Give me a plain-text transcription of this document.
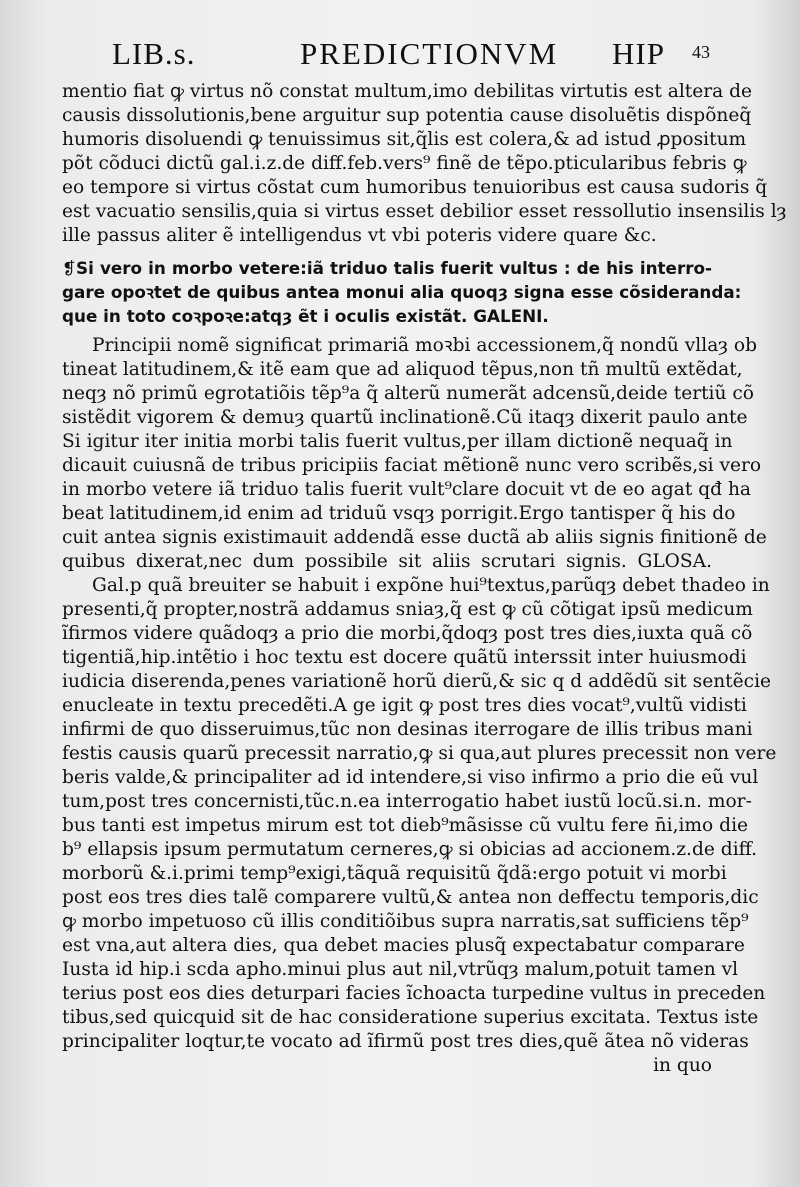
LIB.s.	PREDICTIONVM HIP 43
mentio fiat ꝙ virtus nõ constat multum,imo debilitas virtutis est altera de
causis dissolutionis,bene arguitur sup potentia cause disoluẽtis dispõneq̃
humoris disoluendi ꝙ tenuissimus sit,q̃lis est colera,& ad istud ꝓpositum
põt cõduci dictũ gal.i.z.de diff.feb.vers⁹ finẽ de tẽpo.pticularibus febris ꝙ
eo tempore si virtus cõstat cum humoribus tenuioribus est causa sudoris q̃
est vacuatio sensilis,quia si virtus esset debilior esset ressollutio insensilis lȝ
ille passus aliter ẽ intelligendus vt vbi poteris videre quare &c.
❡Si vero in morbo vetere:iã triduo talis fuerit vultus : de his interro-
gare opoꝛtet de quibus antea monui alia quoqȝ signa esse cõsideranda:
que in toto coꝛpoꝛe:atqȝ ẽt i oculis existãt. GALENI.
Principii nomẽ significat primariã moꝛbi accessionem,q̃ nondũ vllaȝ ob
tineat latitudinem,& itẽ eam que ad aliquod tẽpus,non tñ multũ extẽdat,
neqȝ nõ primũ egrotatiõis tẽp⁹a q̃ alterũ numerãt adcensũ,deide tertiũ cõ
sistẽdit vigorem & demuȝ quartũ inclinationẽ.Cũ itaqȝ dixerit paulo ante
Si igitur iter initia morbi talis fuerit vultus,per illam dictionẽ nequaq̃ in
dicauit cuiusnã de tribus pricipiis faciat mẽtionẽ nunc vero scribẽs,si vero
in morbo vetere iã triduo talis fuerit vult⁹clare docuit vt de eo agat qđ ha
beat latitudinem,id enim ad triduũ vsqȝ porrigit.Ergo tantisper q̃ his do
cuit antea signis existimauit addendã esse ductã ab aliis signis finitionẽ de
quibus dixerat,nec dum possibile sit aliis scrutari signis. GLOSA.
Gal.p quã breuiter se habuit i expõne hui⁹textus,parũqȝ debet thadeo in
presenti,q̃ propter,nostrã addamus sniaȝ,q̃ est ꝙ cũ cõtigat ipsũ medicum
ĩfirmos videre quãdoqȝ a prio die morbi,q̃doqȝ post tres dies,iuxta quã cõ
tigentiã,hip.intẽtio i hoc textu est docere quãtũ interssit inter huiusmodi
iudicia diserenda,penes variationẽ horũ dierũ,& sic q d addẽdũ sit sentẽcie
enucleate in textu precedẽti.A ge igit ꝙ post tres dies vocat⁹,vultũ vidisti
infirmi de quo disseruimus,tũc non desinas iterrogare de illis tribus mani
festis causis quarũ precessit narratio,ꝙ si qua,aut plures precessit non vere
beris valde,& principaliter ad id intendere,si viso infirmo a prio die eũ vul
tum,post tres concernisti,tũc.n.ea interrogatio habet iustũ locũ.si.n. mor-
bus tanti est impetus mirum est tot dieb⁹mãsisse cũ vultu fere n̄i,imo die
b⁹ ellapsis ipsum permutatum cerneres,ꝙ si obicias ad accionem.z.de diff.
morborũ &.i.primi temp⁹exigi,tãquã requisitũ q̃dã:ergo potuit vi morbi
post eos tres dies talẽ comparere vultũ,& antea non deffectu temporis,dic
ꝙ morbo impetuoso cũ illis conditiõibus supra narratis,sat sufficiens tẽp⁹
est vna,aut altera dies, qua debet macies plusq̃ expectabatur comparare
Iusta id hip.i scda apho.minui plus aut nil,vtrũqȝ malum,potuit tamen vl
terius post eos dies deturpari facies ĩchoacta turpedine vultus in preceden
tibus,sed quicquid sit de hac consideratione superius excitata. Textus iste
principaliter loqtur,te vocato ad ĩfirmũ post tres dies,quẽ ãtea nõ videras
in quo
